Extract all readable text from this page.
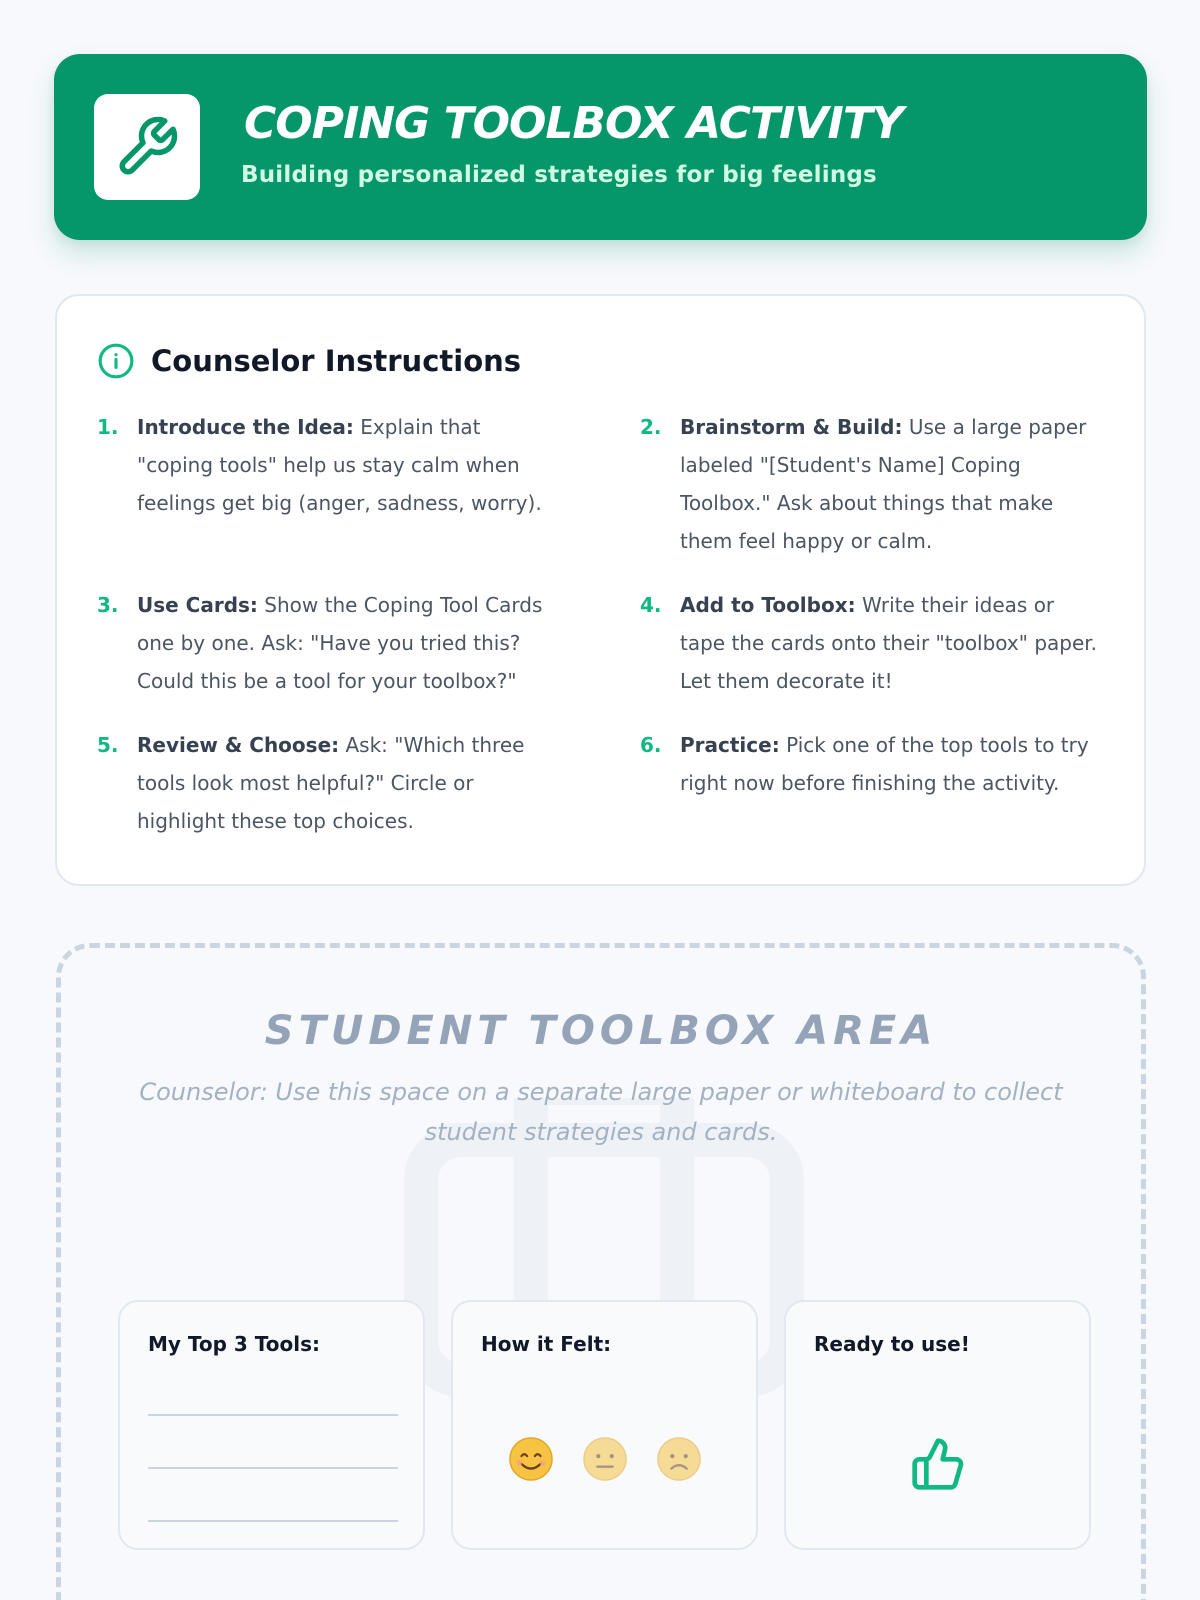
COPING TOOLBOX ACTIVITY
Building personalized strategies for big feelings
Counselor Instructions
1. Introduce the Idea: Explain that "coping tools" help us stay calm when feelings get big (anger, sadness, worry).
2. Brainstorm & Build: Use a large paper labeled "[Student's Name] Coping Toolbox." Ask about things that make them feel happy or calm.
3. Use Cards: Show the Coping Tool Cards one by one. Ask: "Have you tried this? Could this be a tool for your toolbox?"
4. Add to Toolbox: Write their ideas or tape the cards onto their "toolbox" paper. Let them decorate it!
5. Review & Choose: Ask: "Which three tools look most helpful?" Circle or highlight these top choices.
6. Practice: Pick one of the top tools to try right now before finishing the activity.
STUDENT TOOLBOX AREA
Counselor: Use this space on a separate large paper or whiteboard to collect student strategies and cards.
My Top 3 Tools:	How it Felt:	Ready to use!
